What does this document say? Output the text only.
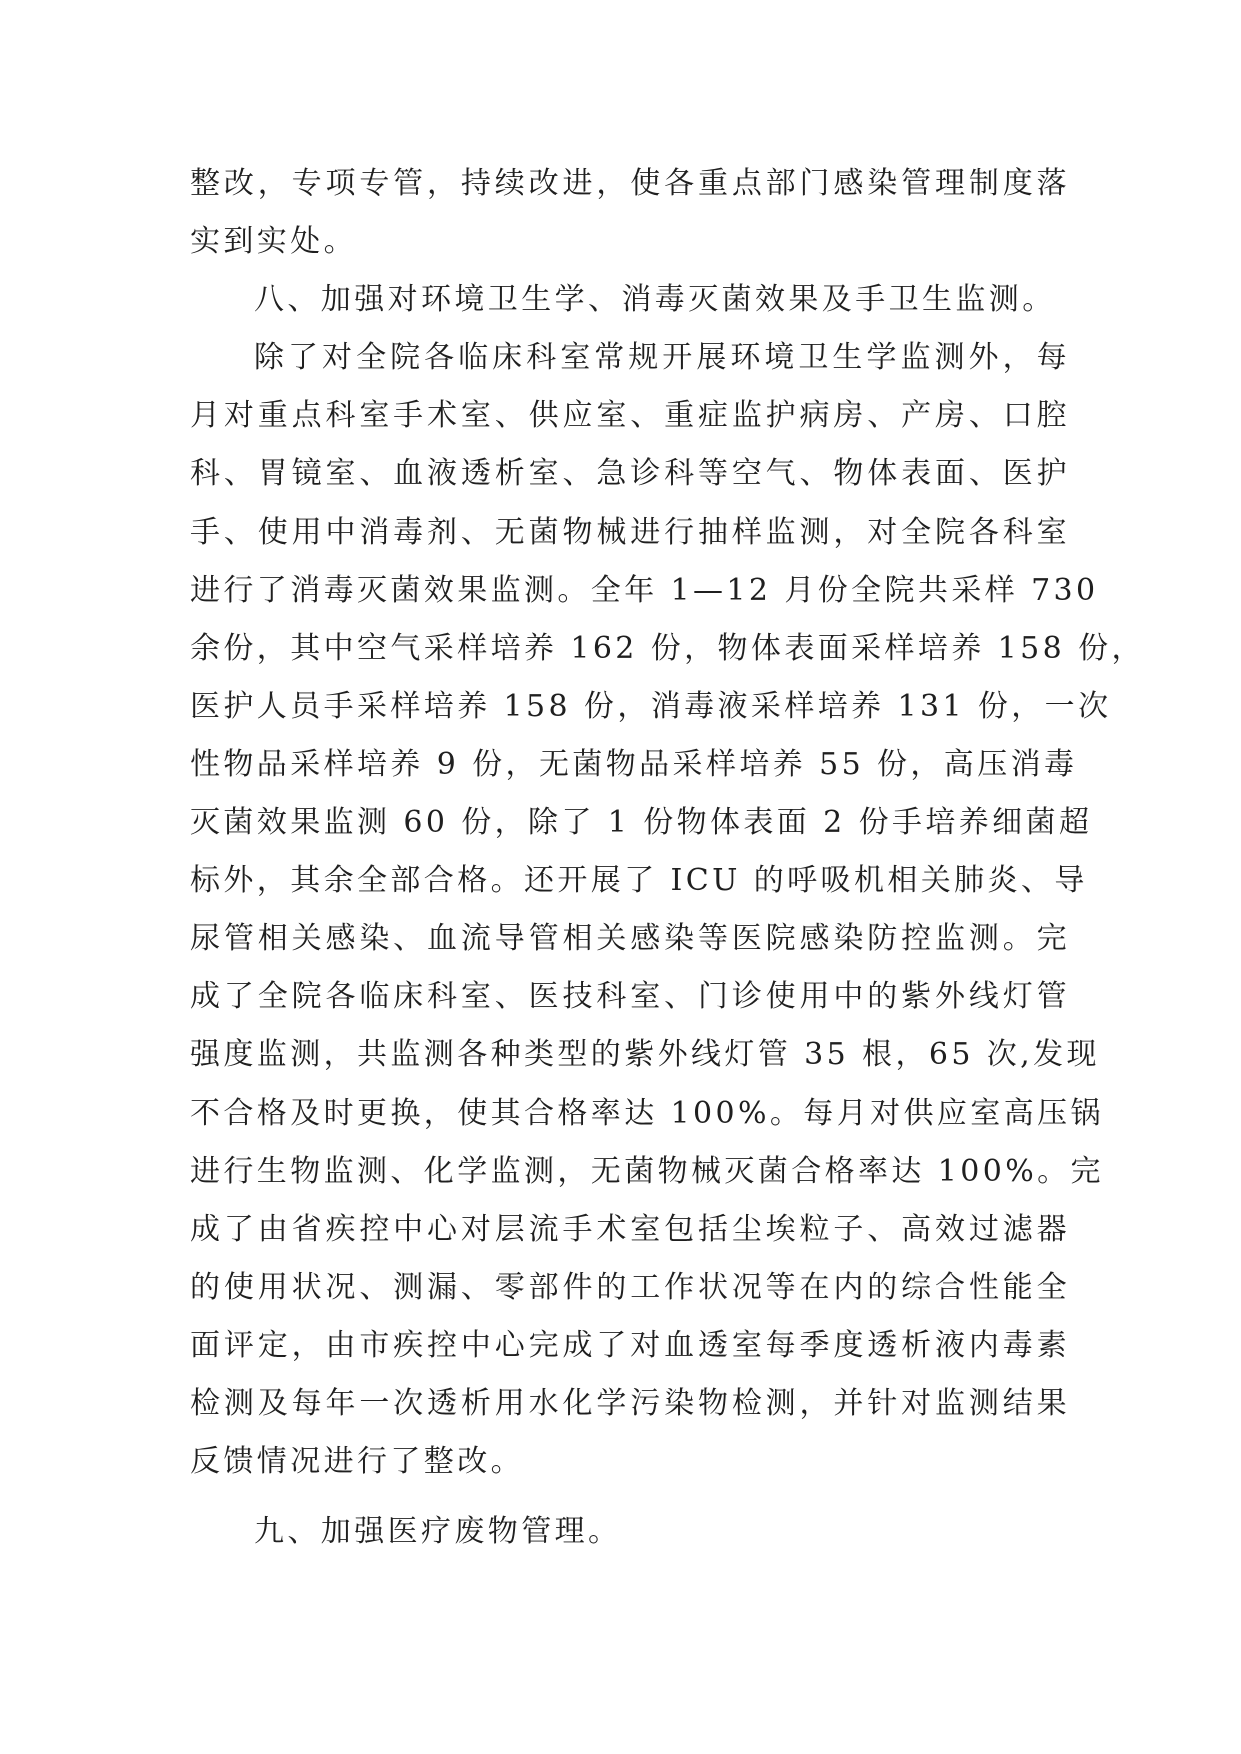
整改，专项专管，持续改进，使各重点部门感染管理制度落
实到实处。
八、加强对环境卫生学、消毒灭菌效果及手卫生监测。
除了对全院各临床科室常规开展环境卫生学监测外，每
月对重点科室手术室、供应室、重症监护病房、产房、口腔
科、胃镜室、血液透析室、急诊科等空气、物体表面、医护
手、使用中消毒剂、无菌物械进行抽样监测，对全院各科室
进行了消毒灭菌效果监测。全年 1—12 月份全院共采样 730
余份，其中空气采样培养 162 份，物体表面采样培养 158 份，
医护人员手采样培养 158 份，消毒液采样培养 131 份，一次
性物品采样培养 9 份，无菌物品采样培养 55 份，高压消毒
灭菌效果监测 60 份，除了 1 份物体表面 2 份手培养细菌超
标外，其余全部合格。还开展了 ICU 的呼吸机相关肺炎、导
尿管相关感染、血流导管相关感染等医院感染防控监测。完
成了全院各临床科室、医技科室、门诊使用中的紫外线灯管
强度监测，共监测各种类型的紫外线灯管 35 根，65 次,发现
不合格及时更换，使其合格率达 100%。每月对供应室高压锅
进行生物监测、化学监测，无菌物械灭菌合格率达 100%。完
成了由省疾控中心对层流手术室包括尘埃粒子、高效过滤器
的使用状况、测漏、零部件的工作状况等在内的综合性能全
面评定，由市疾控中心完成了对血透室每季度透析液内毒素
检测及每年一次透析用水化学污染物检测，并针对监测结果
反馈情况进行了整改。
九、加强医疗废物管理。
